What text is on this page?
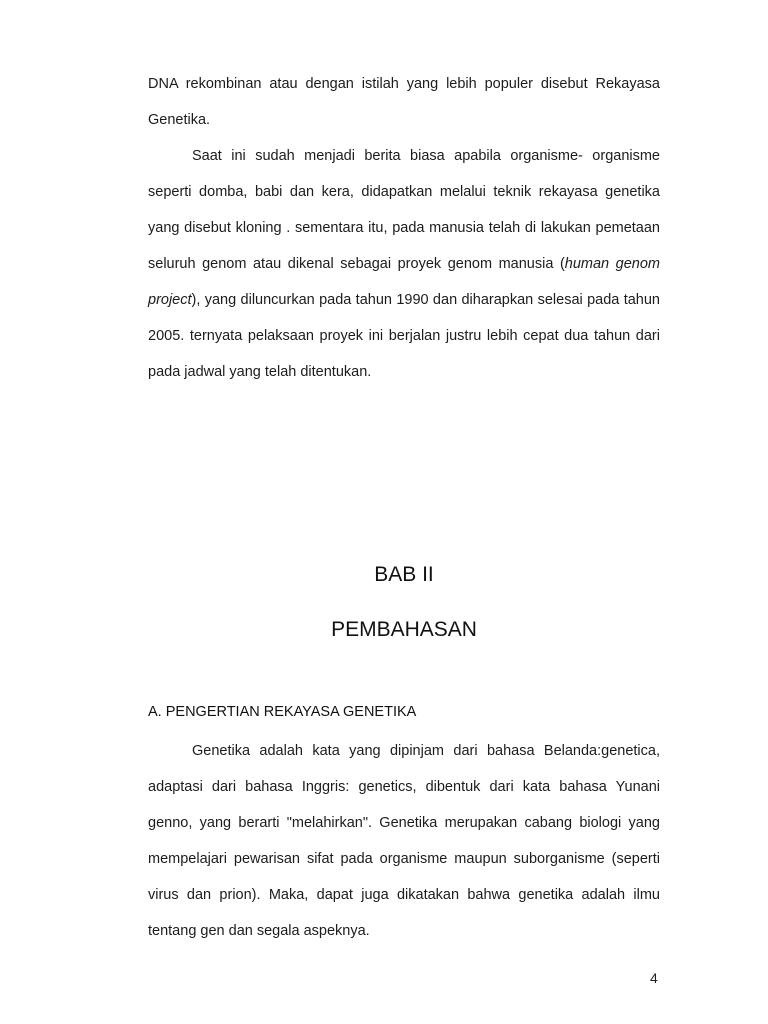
DNA rekombinan atau dengan istilah yang lebih populer disebut Rekayasa Genetika.

Saat ini sudah menjadi berita biasa apabila organisme- organisme seperti domba, babi dan kera, didapatkan melalui teknik rekayasa genetika yang disebut kloning . sementara itu, pada manusia telah di lakukan pemetaan seluruh genom atau dikenal sebagai proyek genom manusia (human genom project), yang diluncurkan pada tahun 1990 dan diharapkan selesai pada tahun 2005. ternyata pelaksaan proyek ini berjalan justru lebih cepat dua tahun dari pada jadwal yang telah ditentukan.

BAB II
PEMBAHASAN
A. PENGERTIAN REKAYASA GENETIKA

Genetika adalah kata yang dipinjam dari bahasa Belanda:genetica, adaptasi dari bahasa Inggris: genetics, dibentuk dari kata bahasa Yunani genno, yang berarti "melahirkan". Genetika merupakan cabang biologi yang mempelajari pewarisan sifat pada organisme maupun suborganisme (seperti virus dan prion). Maka, dapat juga dikatakan bahwa genetika adalah ilmu tentang gen dan segala aspeknya.

4
